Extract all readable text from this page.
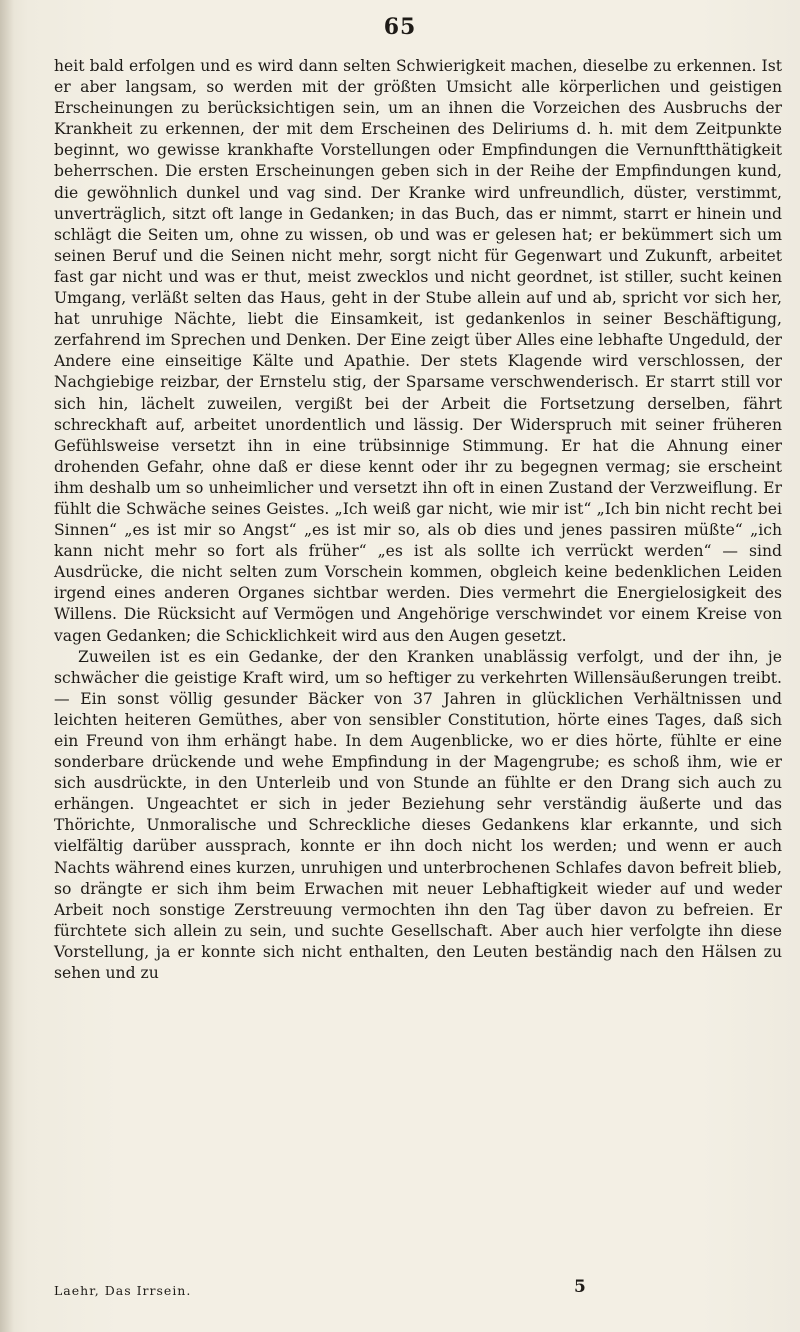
65

heit bald erfolgen und es wird dann selten Schwierigkeit machen, dieselbe zu erkennen. Ist er aber langsam, so werden mit der größten Umsicht alle körperlichen und geistigen Erscheinungen zu berücksichtigen sein, um an ihnen die Vorzeichen des Ausbruchs der Krankheit zu erkennen, der mit dem Erscheinen des Deliriums d. h. mit dem Zeitpunkte beginnt, wo gewisse krankhafte Vorstellungen oder Empfindungen die Vernunftthätigkeit beherrschen. Die ersten Erscheinungen geben sich in der Reihe der Empfindungen kund, die gewöhnlich dunkel und vag sind. Der Kranke wird unfreundlich, düster, verstimmt, unverträglich, sitzt oft lange in Gedanken; in das Buch, das er nimmt, starrt er hinein und schlägt die Seiten um, ohne zu wissen, ob und was er gelesen hat; er bekümmert sich um seinen Beruf und die Seinen nicht mehr, sorgt nicht für Gegenwart und Zukunft, arbeitet fast gar nicht und was er thut, meist zwecklos und nicht geordnet, ist stiller, sucht keinen Umgang, verläßt selten das Haus, geht in der Stube allein auf und ab, spricht vor sich her, hat unruhige Nächte, liebt die Einsamkeit, ist gedankenlos in seiner Beschäftigung, zerfahrend im Sprechen und Denken. Der Eine zeigt über Alles eine lebhafte Ungeduld, der Andere eine einseitige Kälte und Apathie. Der stets Klagende wird verschlossen, der Nachgiebige reizbar, der Ernstelu stig, der Sparsame verschwenderisch. Er starrt still vor sich hin, lächelt zuweilen, vergißt bei der Arbeit die Fortsetzung derselben, fährt schreckhaft auf, arbeitet unordentlich und lässig. Der Widerspruch mit seiner früheren Gefühlsweise versetzt ihn in eine trübsinnige Stimmung. Er hat die Ahnung einer drohenden Gefahr, ohne daß er diese kennt oder ihr zu begegnen vermag; sie erscheint ihm deshalb um so unheimlicher und versetzt ihn oft in einen Zustand der Verzweiflung. Er fühlt die Schwäche seines Geistes. „Ich weiß gar nicht, wie mir ist“ „Ich bin nicht recht bei Sinnen“ „es ist mir so Angst“ „es ist mir so, als ob dies und jenes passiren müßte“ „ich kann nicht mehr so fort als früher“ „es ist als sollte ich verrückt werden“ — sind Ausdrücke, die nicht selten zum Vorschein kommen, obgleich keine bedenklichen Leiden irgend eines anderen Organes sichtbar werden. Dies vermehrt die Energielosigkeit des Willens. Die Rücksicht auf Vermögen und Angehörige verschwindet vor einem Kreise von vagen Gedanken; die Schicklichkeit wird aus den Augen gesetzt.

Zuweilen ist es ein Gedanke, der den Kranken unablässig verfolgt, und der ihn, je schwächer die geistige Kraft wird, um so heftiger zu verkehrten Willensäußerungen treibt. — Ein sonst völlig gesunder Bäcker von 37 Jahren in glücklichen Verhältnissen und leichten heiteren Gemüthes, aber von sensibler Constitution, hörte eines Tages, daß sich ein Freund von ihm erhängt habe. In dem Augenblicke, wo er dies hörte, fühlte er eine sonderbare drückende und wehe Empfindung in der Magengrube; es schoß ihm, wie er sich ausdrückte, in den Unterleib und von Stunde an fühlte er den Drang sich auch zu erhängen. Ungeachtet er sich in jeder Beziehung sehr verständig äußerte und das Thörichte, Unmoralische und Schreckliche dieses Gedankens klar erkannte, und sich vielfältig darüber aussprach, konnte er ihn doch nicht los werden; und wenn er auch Nachts während eines kurzen, unruhigen und unterbrochenen Schlafes davon befreit blieb, so drängte er sich ihm beim Erwachen mit neuer Lebhaftigkeit wieder auf und weder Arbeit noch sonstige Zerstreuung vermochten ihn den Tag über davon zu befreien. Er fürchtete sich allein zu sein, und suchte Gesellschaft. Aber auch hier verfolgte ihn diese Vorstellung, ja er konnte sich nicht enthalten, den Leuten beständig nach den Hälsen zu sehen und zu

Laehr, Das Irrsein.	5
